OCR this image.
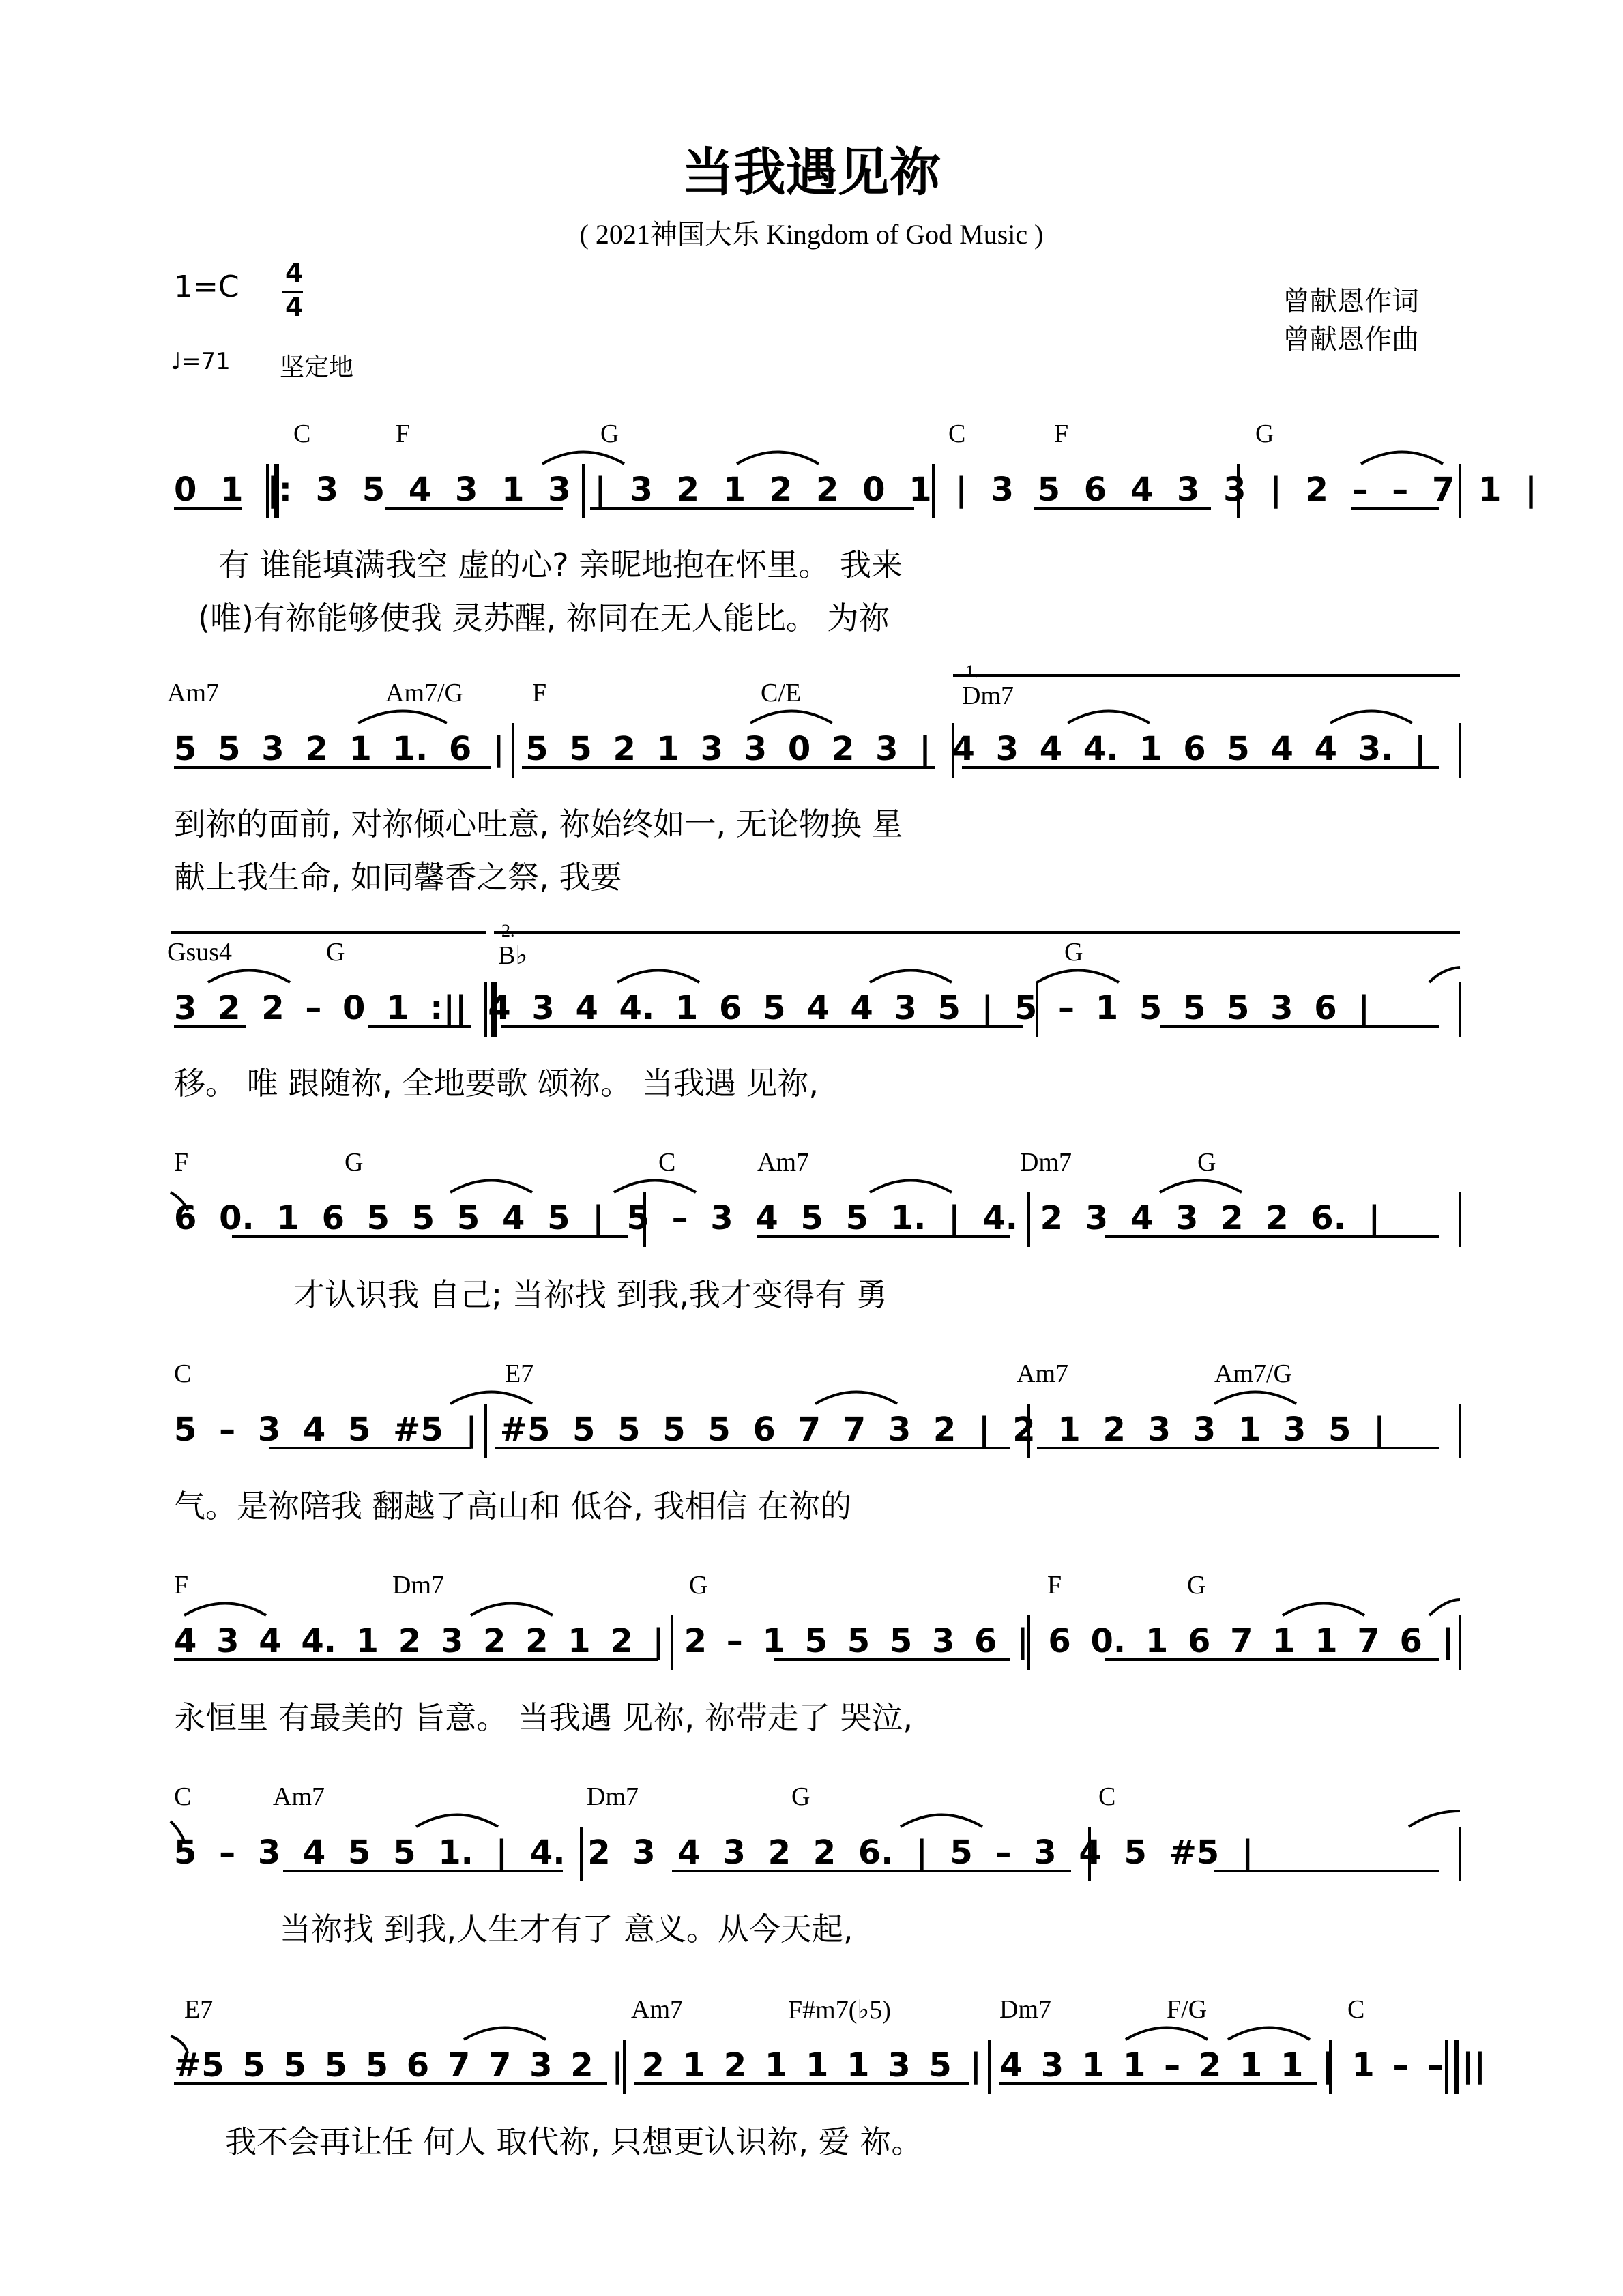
当我遇见祢
( 2021神国大乐 Kingdom of God Music )
1=C 4
4
♩=71 坚定地
曾献恩作词
曾献恩作曲
C	F	G	C	F	G
0 1 |: 3 5 4 3 1 3 | 3 2 1 2 2 0 1 | 3 5 6 4 3 3 | 2 – – 7 1 |
有 谁能填满我空 虚的心? 亲昵地抱在怀里。 我来
(唯)有祢能够使我 灵苏醒, 祢同在无人能比。 为祢
Am7	Am7/G	F	C/E	Dm7
1.
5 5 3 2 1 1. 6 | 5 5 2 1 3 3 0 2 3 | 4 3 4 4. 1 6 5 4 4 3. |
到祢的面前, 对祢倾心吐意, 祢始终如一, 无论物换 星
献上我生命, 如同馨香之祭, 我要
Gsus4	G	B♭	G
2.
3 2 2 – 0 1 :|| 4 3 4 4. 1 6 5 4 4 3 5 | 5 – 1 5 5 5 3 6 |
移。 唯 跟随祢, 全地要歌 颂祢。 当我遇 见祢,
F	G	C	Am7	Dm7	G
6 0. 1 6 5 5 5 4 5 | 5 – 3 4 5 5 1. | 4. 2 3 4 3 2 2 6. |
才认识我 自己; 当祢找 到我,我才变得有 勇
C	E7	Am7	Am7/G
5 – 3 4 5 #5 | #5 5 5 5 5 6 7 7 3 2 | 2 1 2 3 3 1 3 5 |
气。是祢陪我 翻越了高山和 低谷, 我相信 在祢的
F	Dm7	G	F	G
4 3 4 4. 1 2 3 2 2 1 2 | 2 – 1 5 5 5 3 6 | 6 0. 1 6 7 1 1 7 6 |
永恒里 有最美的 旨意。 当我遇 见祢, 祢带走了 哭泣,
C	Am7	Dm7	G	C
5 – 3 4 5 5 1. | 4. 2 3 4 3 2 2 6. | 5 – 3 4 5 #5 |
当祢找 到我,人生才有了 意义。从今天起,
E7	Am7	F#m7(♭5)	Dm7	F/G	C
#5 5 5 5 5 6 7 7 3 2 | 2 1 2 1 1 1 3 5 | 4 3 1 1 – 2 1 1 | 1 – – ||
我不会再让任 何人 取代祢, 只想更认识祢, 爱 祢。
